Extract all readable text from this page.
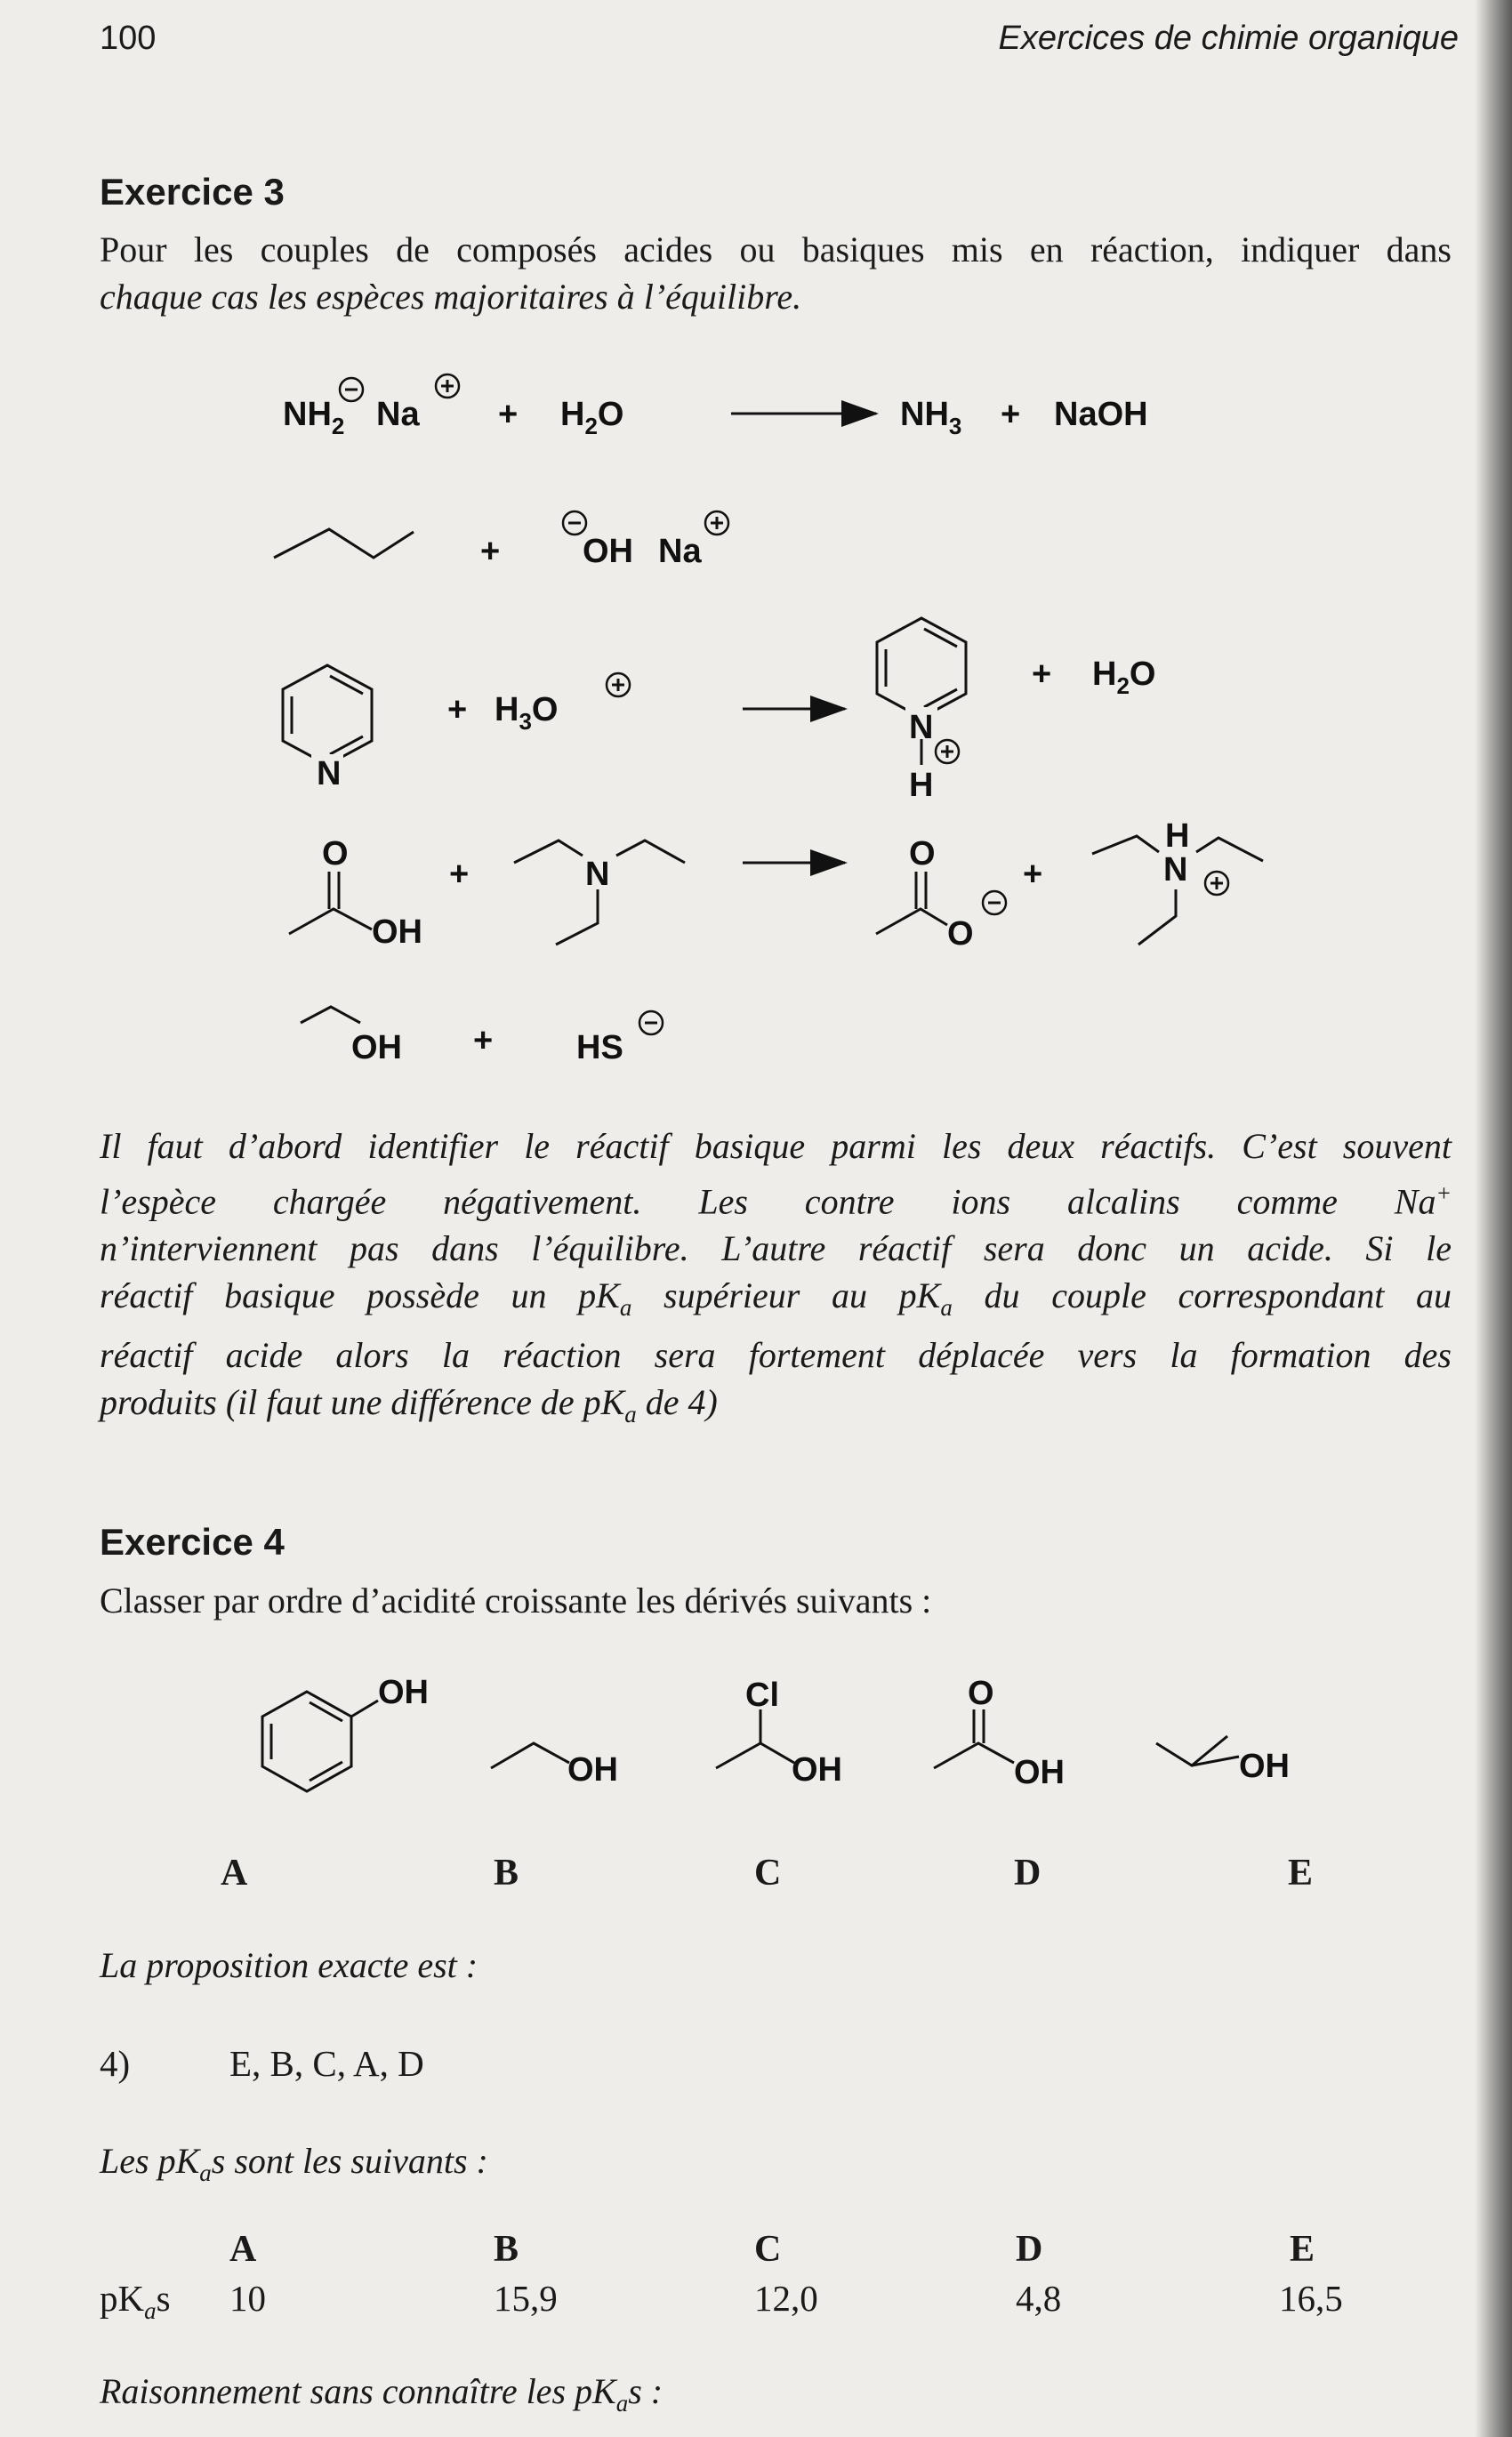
100	Exercices de chimie organique
Exercice 3
Pour les couples de composés acides ou basiques mis en réaction, indiquer dans
chaque cas les espèces majoritaires à l’équilibre.
$NH_2$ $Na + H_2O$	$NH_3$ + NaOH
+ OH Na
N
+ $H_3O$	N
H
+ $H_2O$
O
OH
+	N
O
O
+
H
N
OH + HS
Il faut d’abord identifier le réactif basique parmi les deux réactifs. C’est souvent
l’espèce chargée négativement. Les contre ions alcalins comme Na+
n’interviennent pas dans l’équilibre. L’autre réactif sera donc un acide. Si le
réactif basique possède un $pK_a$ supérieur au $pK_a$ du couple correspondant au
réactif acide alors la réaction sera fortement déplacée vers la formation des
produits (il faut une différence de $pK_a$ de 4)
Exercice 4
Classer par ordre d’acidité croissante les dérivés suivants :
OH
OH
Cl
OH
O
OH	OH
A	B	C	D	E
La proposition exacte est :
4)	E, B, C, A, D
Les $pK_as$ sont les suivants :
A	B	C	D	E
$pK_as$ 10	15,9	12,0	4,8	16,5
Raisonnement sans connaître les $pK_as$ :
